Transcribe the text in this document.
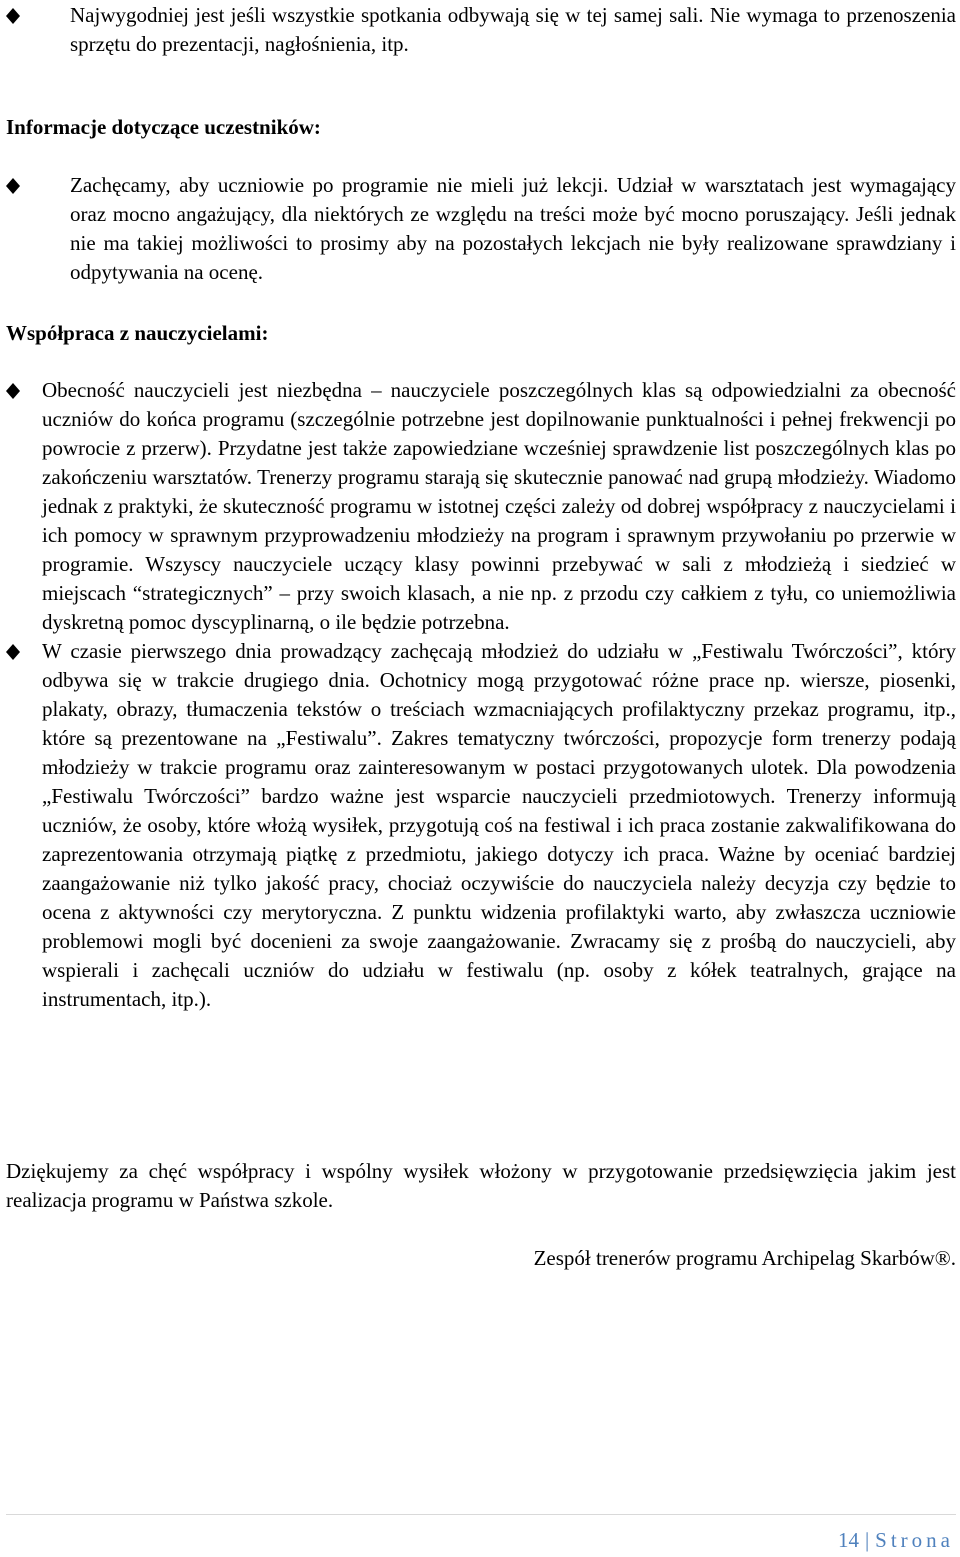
Najwygodniej jest jeśli wszystkie spotkania odbywają się w tej samej sali. Nie wymaga to przenoszenia sprzętu do prezentacji, nagłośnienia, itp.
Informacje dotyczące uczestników:
Zachęcamy, aby uczniowie po programie nie mieli już lekcji. Udział w warsztatach jest wymagający oraz mocno angażujący, dla niektórych ze względu na treści może być mocno poruszający. Jeśli jednak nie ma takiej możliwości to prosimy aby na pozostałych lekcjach nie były realizowane sprawdziany i odpytywania na ocenę.
Współpraca z nauczycielami:
Obecność nauczycieli jest niezbędna – nauczyciele poszczególnych klas są odpowiedzialni za obecność uczniów do końca programu (szczególnie potrzebne jest dopilnowanie punktualności i pełnej frekwencji po powrocie z przerw). Przydatne jest także zapowiedziane wcześniej sprawdzenie list poszczególnych klas po zakończeniu warsztatów. Trenerzy programu starają się skutecznie panować nad grupą młodzieży. Wiadomo jednak z praktyki, że skuteczność programu w istotnej części zależy od dobrej współpracy z nauczycielami i ich pomocy w sprawnym przyprowadzeniu młodzieży na program i sprawnym przywołaniu po przerwie w programie. Wszyscy nauczyciele uczący klasy powinni przebywać w sali z młodzieżą i siedzieć w miejscach “strategicznych” – przy swoich klasach, a nie np. z przodu czy całkiem z tyłu, co uniemożliwia dyskretną pomoc dyscyplinarną, o ile będzie potrzebna.
W czasie pierwszego dnia prowadzący zachęcają młodzież do udziału w „Festiwalu Twórczości”, który odbywa się w trakcie drugiego dnia. Ochotnicy mogą przygotować różne prace np. wiersze, piosenki, plakaty, obrazy, tłumaczenia tekstów o treściach wzmacniających profilaktyczny przekaz programu, itp., które są prezentowane na „Festiwalu”. Zakres tematyczny twórczości, propozycje form trenerzy podają młodzieży w trakcie programu oraz zainteresowanym w postaci przygotowanych ulotek. Dla powodzenia „Festiwalu Twórczości” bardzo ważne jest wsparcie nauczycieli przedmiotowych. Trenerzy informują uczniów, że osoby, które włożą wysiłek, przygotują coś na festiwal i ich praca zostanie zakwalifikowana do zaprezentowania otrzymają piątkę z przedmiotu, jakiego dotyczy ich praca. Ważne by oceniać bardziej zaangażowanie niż tylko jakość pracy, chociaż oczywiście do nauczyciela należy decyzja czy będzie to ocena z aktywności czy merytoryczna. Z punktu widzenia profilaktyki warto, aby zwłaszcza uczniowie problemowi mogli być docenieni za swoje zaangażowanie. Zwracamy się z prośbą do nauczycieli, aby wspierali i zachęcali uczniów do udziału w festiwalu (np. osoby z kółek teatralnych, grające na instrumentach, itp.).
Dziękujemy za chęć współpracy i wspólny wysiłek włożony w przygotowanie przedsięwzięcia jakim jest realizacja programu w Państwa szkole.
Zespół trenerów programu Archipelag Skarbów®.
14 | Strona
